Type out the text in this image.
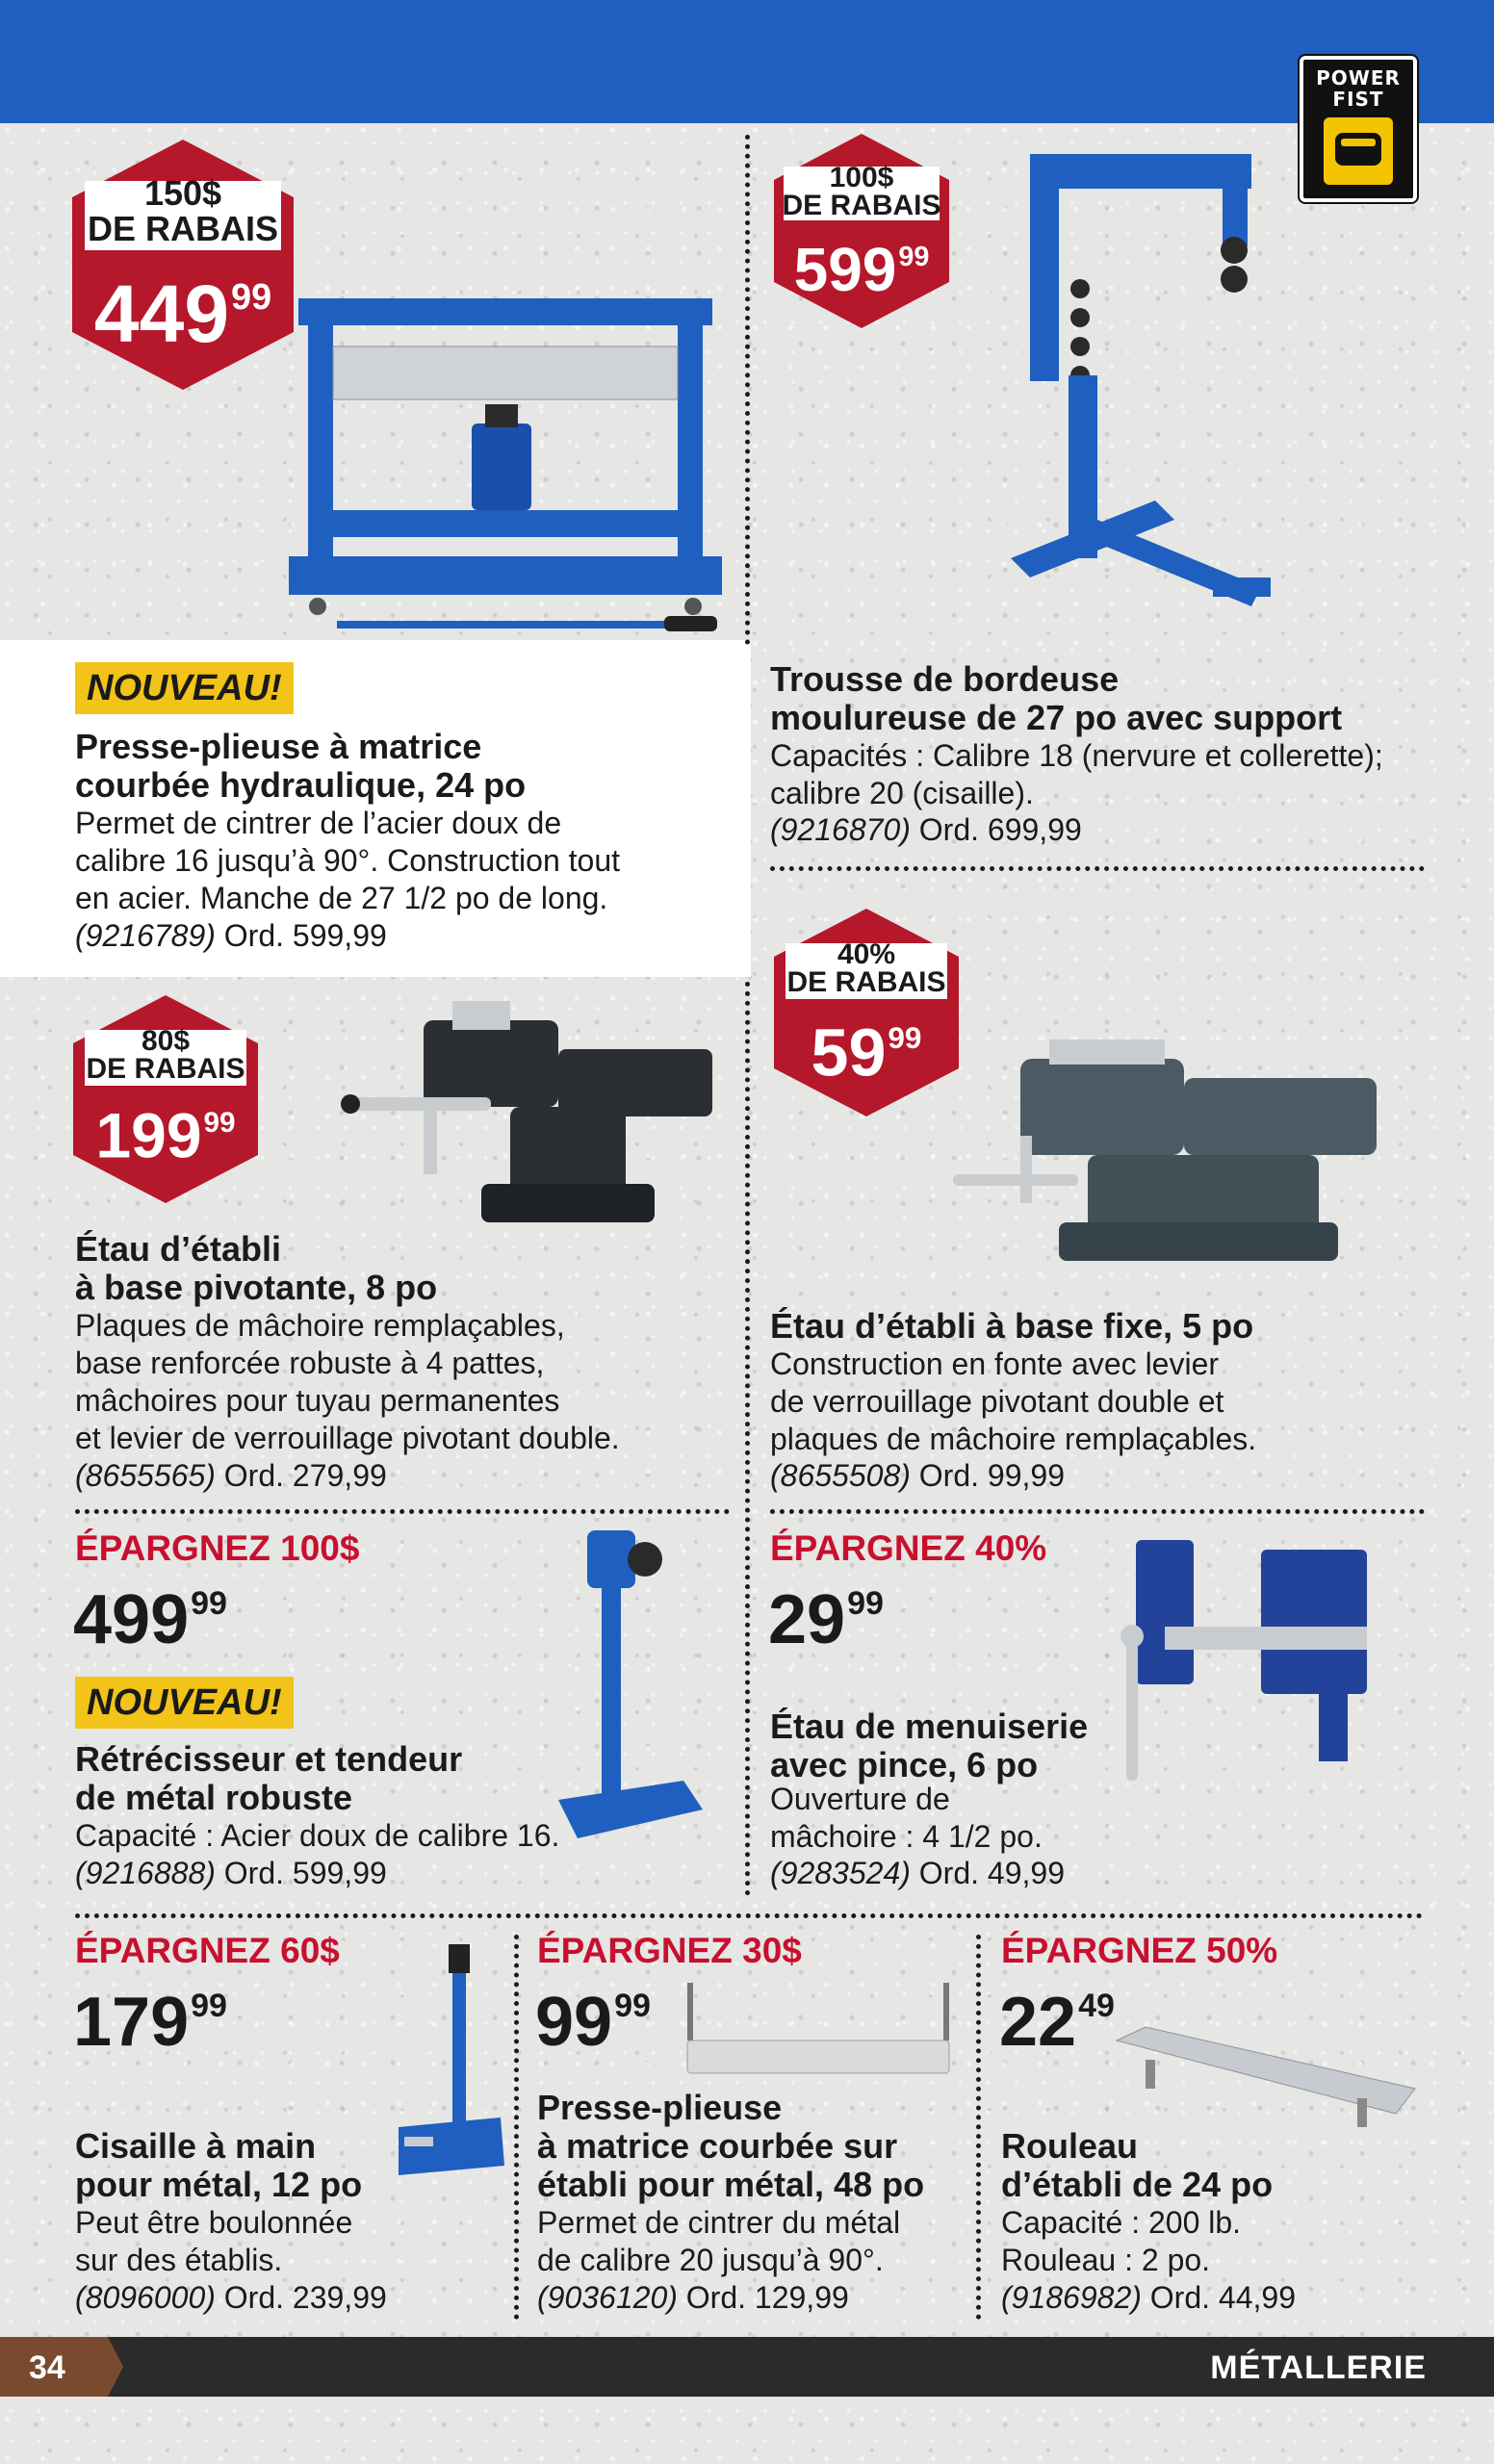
POWER FIST
150$
DE RABAIS
$449^{99}$
NOUVEAU!
Presse-plieuse à matrice
courbée hydraulique, 24 po
Permet de cintrer de l’acier doux de
calibre 16 jusqu’à 90°. Construction tout
en acier. Manche de 27 1/2 po de long.
(9216789) Ord. 599,99
100$
DE RABAIS
$599^{99}$
Trousse de bordeuse
moulureuse de 27 po avec support
Capacités : Calibre 18 (nervure et collerette);
calibre 20 (cisaille).
(9216870) Ord. 699,99
80$
DE RABAIS
$199^{99}$
Étau d’établi
à base pivotante, 8 po
Plaques de mâchoire remplaçables,
base renforcée robuste à 4 pattes,
mâchoires pour tuyau permanentes
et levier de verrouillage pivotant double.
(8655565) Ord. 279,99
40%
DE RABAIS
$59^{99}$
Étau d’établi à base fixe, 5 po
Construction en fonte avec levier
de verrouillage pivotant double et
plaques de mâchoire remplaçables.
(8655508) Ord. 99,99
ÉPARGNEZ 100$
$499^{99}$
NOUVEAU!
Rétrécisseur et tendeur
de métal robuste
Capacité : Acier doux de calibre 16.
(9216888) Ord. 599,99
ÉPARGNEZ 40%
$29^{99}$
Étau de menuiserie
avec pince, 6 po
Ouverture de
mâchoire : 4 1/2 po.
(9283524) Ord. 49,99
ÉPARGNEZ 60$
$179^{99}$
Cisaille à main
pour métal, 12 po
Peut être boulonnée
sur des établis.
(8096000) Ord. 239,99
ÉPARGNEZ 30$
$99^{99}$
Presse-plieuse
à matrice courbée sur
établi pour métal, 48 po
Permet de cintrer du métal
de calibre 20 jusqu’à 90°.
(9036120) Ord. 129,99
ÉPARGNEZ 50%
$22^{49}$
Rouleau
d’établi de 24 po
Capacité : 200 lb.
Rouleau : 2 po.
(9186982) Ord. 44,99
34	MÉTALLERIE
